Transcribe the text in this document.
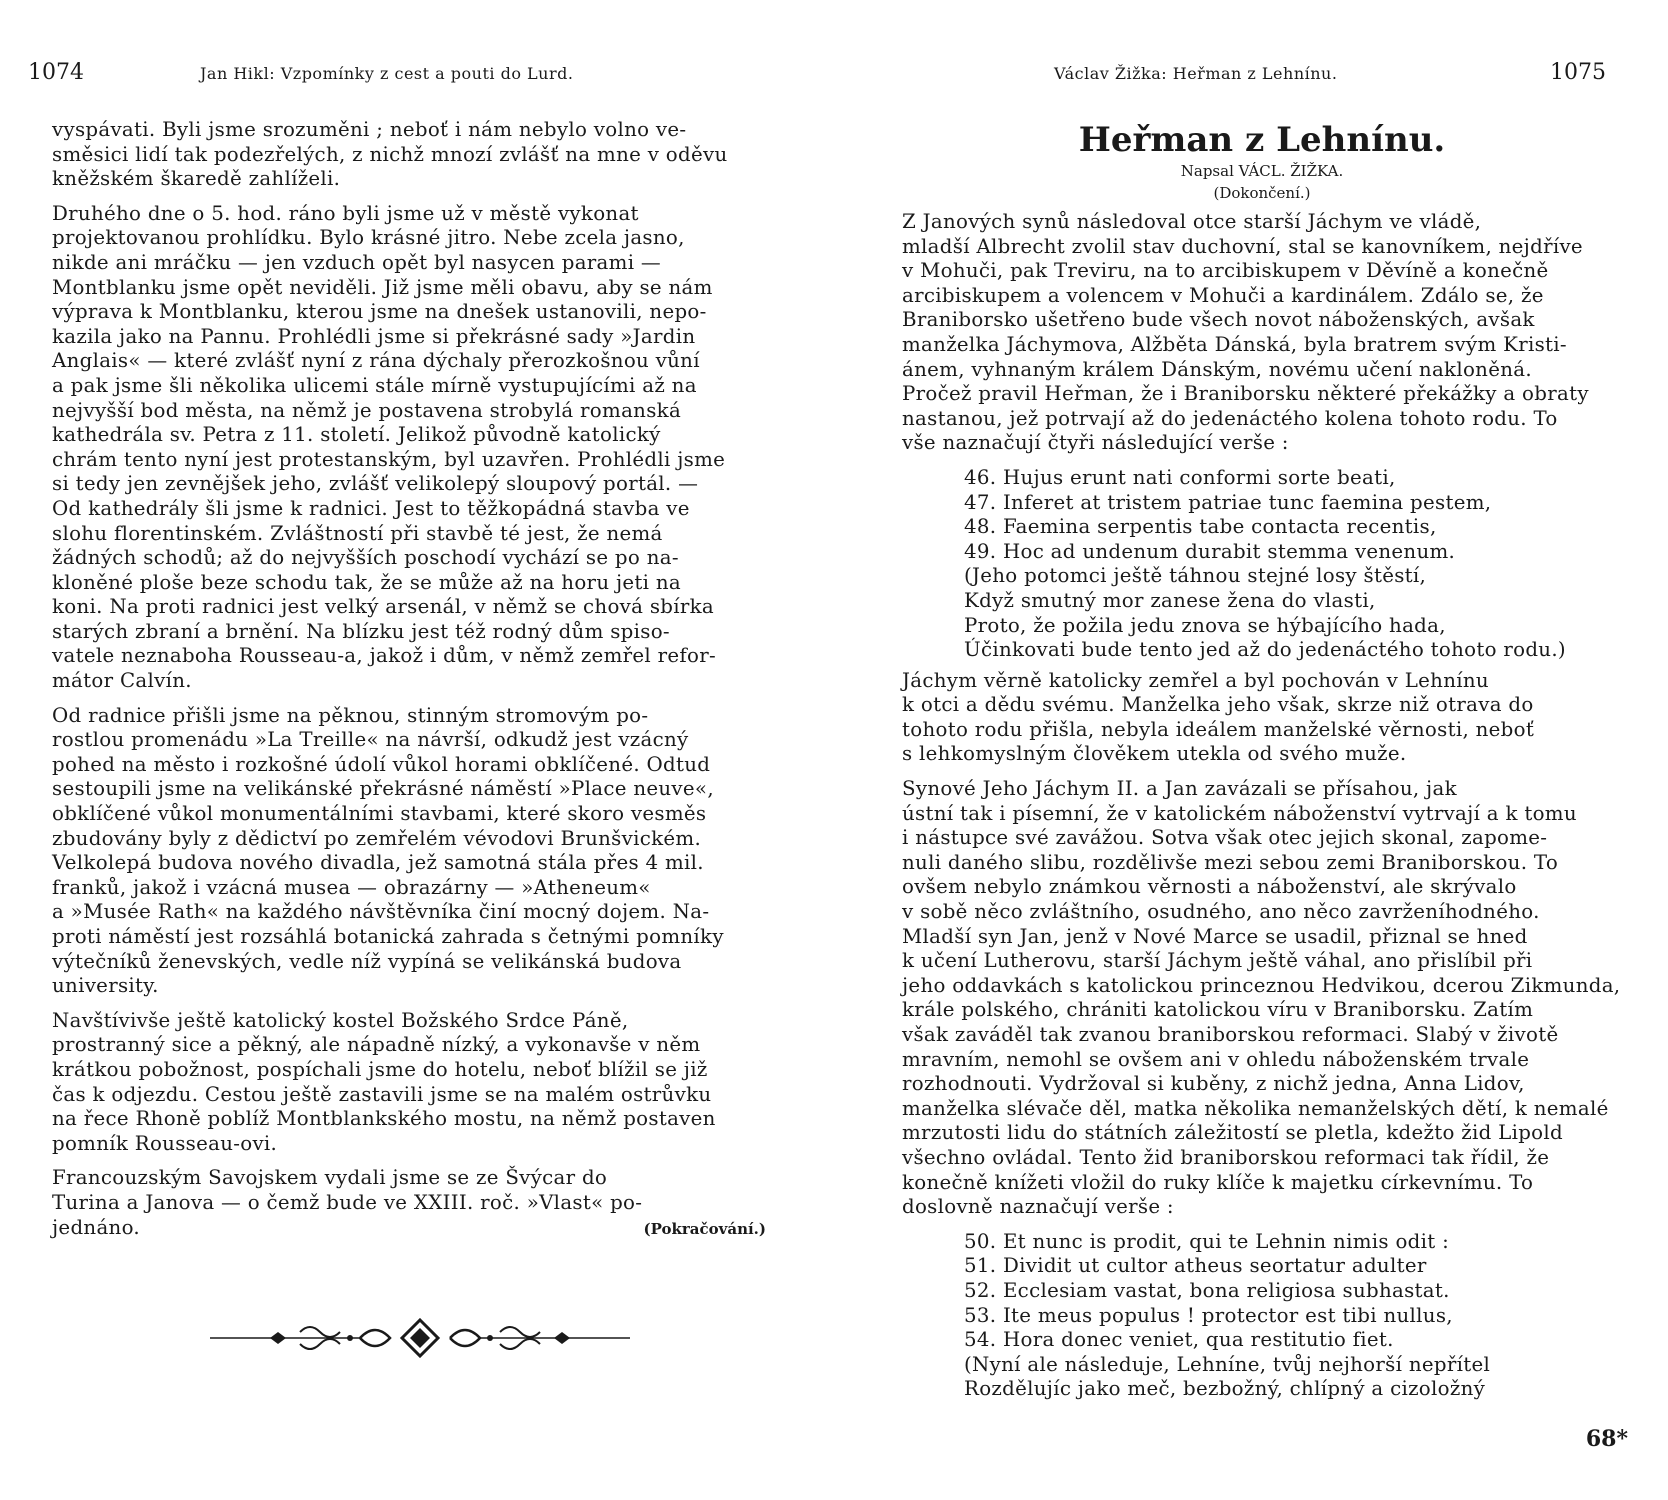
1074	Jan Hikl: Vzpomínky z cest a pouti do Lurd.

vyspávati. Byli jsme srozuměni ; neboť i nám nebylo volno ve-
směsici lidí tak podezřelých, z nichž mnozí zvlášť na mne v oděvu
kněžském škaredě zahlíželi.

Druhého dne o 5. hod. ráno byli jsme už v městě vykonat
projektovanou prohlídku. Bylo krásné jitro. Nebe zcela jasno,
nikde ani mráčku — jen vzduch opět byl nasycen parami —
Montblanku jsme opět neviděli. Již jsme měli obavu, aby se nám
výprava k Montblanku, kterou jsme na dnešek ustanovili, nepo-
kazila jako na Pannu. Prohlédli jsme si překrásné sady »Jardin
Anglais« — které zvlášť nyní z rána dýchaly přerozkošnou vůní
a pak jsme šli několika ulicemi stále mírně vystupujícími až na
nejvyšší bod města, na němž je postavena strobylá romanská
kathedrála sv. Petra z 11. století. Jelikož původně katolický
chrám tento nyní jest protestanským, byl uzavřen. Prohlédli jsme
si tedy jen zevnějšek jeho, zvlášť velikolepý sloupový portál. —
Od kathedrály šli jsme k radnici. Jest to těžkopádná stavba ve
slohu florentinském. Zvláštností při stavbě té jest, že nemá
žádných schodů; až do nejvyšších poschodí vychází se po na-
kloněné ploše beze schodu tak, že se může až na horu jeti na
koni. Na proti radnici jest velký arsenál, v němž se chová sbírka
starých zbraní a brnění. Na blízku jest též rodný dům spiso-
vatele neznaboha Rousseau-a, jakož i dům, v němž zemřel refor-
mátor Calvín.

Od radnice přišli jsme na pěknou, stinným stromovým po-
rostlou promenádu »La Treille« na návrší, odkudž jest vzácný
pohed na město i rozkošné údolí vůkol horami obklíčené. Odtud
sestoupili jsme na velikánské překrásné náměstí »Place neuve«,
obklíčené vůkol monumentálními stavbami, které skoro vesměs
zbudovány byly z dědictví po zemřelém vévodovi Brunšvickém.
Velkolepá budova nového divadla, jež samotná stála přes 4 mil.
franků, jakož i vzácná musea — obrazárny — »Atheneum«
a »Musée Rath« na každého návštěvníka činí mocný dojem. Na-
proti náměstí jest rozsáhlá botanická zahrada s četnými pomníky
výtečníků ženevských, vedle níž vypíná se velikánská budova
university.

Navštívivše ještě katolický kostel Božského Srdce Páně,
prostranný sice a pěkný, ale nápadně nízký, a vykonavše v něm
krátkou pobožnost, pospíchali jsme do hotelu, neboť blížil se již
čas k odjezdu. Cestou ještě zastavili jsme se na malém ostrůvku
na řece Rhoně poblíž Montblankského mostu, na němž postaven
pomník Rousseau-ovi.

Francouzským Savojskem vydali jsme se ze Švýcar do
Turina a Janova — o čemž bude ve XXIII. roč. »Vlast« po-
jednáno.	(Pokračování.)
Václav Žižka: Heřman z Lehnínu.	1075
Heřman z Lehnínu.
Napsal VÁCL. ŽIŽKA.
(Dokončení.)

Z Janových synů následoval otce starší Jáchym ve vládě,
mladší Albrecht zvolil stav duchovní, stal se kanovníkem, nejdříve
v Mohuči, pak Treviru, na to arcibiskupem v Děvíně a konečně
arcibiskupem a volencem v Mohuči a kardinálem. Zdálo se, že
Braniborsko ušetřeno bude všech novot náboženských, avšak
manželka Jáchymova, Alžběta Dánská, byla bratrem svým Kristi-
ánem, vyhnaným králem Dánským, novému učení nakloněná.
Pročež pravil Heřman, že i Braniborsku některé překážky a obraty
nastanou, jež potrvají až do jedenáctého kolena tohoto rodu. To
vše naznačují čtyři následující verše :

46. Hujus erunt nati conformi sorte beati,
47. Inferet at tristem patriae tunc faemina pestem,
48. Faemina serpentis tabe contacta recentis,
49. Hoc ad undenum durabit stemma venenum.
(Jeho potomci ještě táhnou stejné losy štěstí,
Když smutný mor zanese žena do vlasti,
Proto, že požila jedu znova se hýbajícího hada,
Účinkovati bude tento jed až do jedenáctého tohoto rodu.)

Jáchym věrně katolicky zemřel a byl pochován v Lehnínu
k otci a dědu svému. Manželka jeho však, skrze niž otrava do
tohoto rodu přišla, nebyla ideálem manželské věrnosti, neboť
s lehkomyslným člověkem utekla od svého muže.

Synové Jeho Jáchym II. a Jan zavázali se přísahou, jak
ústní tak i písemní, že v katolickém náboženství vytrvají a k tomu
i nástupce své zavážou. Sotva však otec jejich skonal, zapome-
nuli daného slibu, rozdělivše mezi sebou zemi Braniborskou. To
ovšem nebylo známkou věrnosti a náboženství, ale skrývalo
v sobě něco zvláštního, osudného, ano něco zavrženíhodného.
Mladší syn Jan, jenž v Nové Marce se usadil, přiznal se hned
k učení Lutherovu, starší Jáchym ještě váhal, ano přislíbil při
jeho oddavkách s katolickou princeznou Hedvikou, dcerou Zikmunda,
krále polského, chrániti katolickou víru v Braniborsku. Zatím
však zaváděl tak zvanou braniborskou reformaci. Slabý v životě
mravním, nemohl se ovšem ani v ohledu náboženském trvale
rozhodnouti. Vydržoval si kuběny, z nichž jedna, Anna Lidov,
manželka slévače děl, matka několika nemanželských dětí, k nemalé
mrzutosti lidu do státních záležitostí se pletla, kdežto žid Lipold
všechno ovládal. Tento žid braniborskou reformaci tak řídil, že
konečně knížeti vložil do ruky klíče k majetku církevnímu. To
doslovně naznačují verše :

50. Et nunc is prodit, qui te Lehnin nimis odit :
51. Dividit ut cultor atheus seortatur adulter
52. Ecclesiam vastat, bona religiosa subhastat.
53. Ite meus populus ! protector est tibi nullus,
54. Hora donec veniet, qua restitutio fiet.
(Nyní ale následuje, Lehníne, tvůj nejhorší nepřítel
Rozdělujíc jako meč, bezbožný, chlípný a cizoložný
68*
